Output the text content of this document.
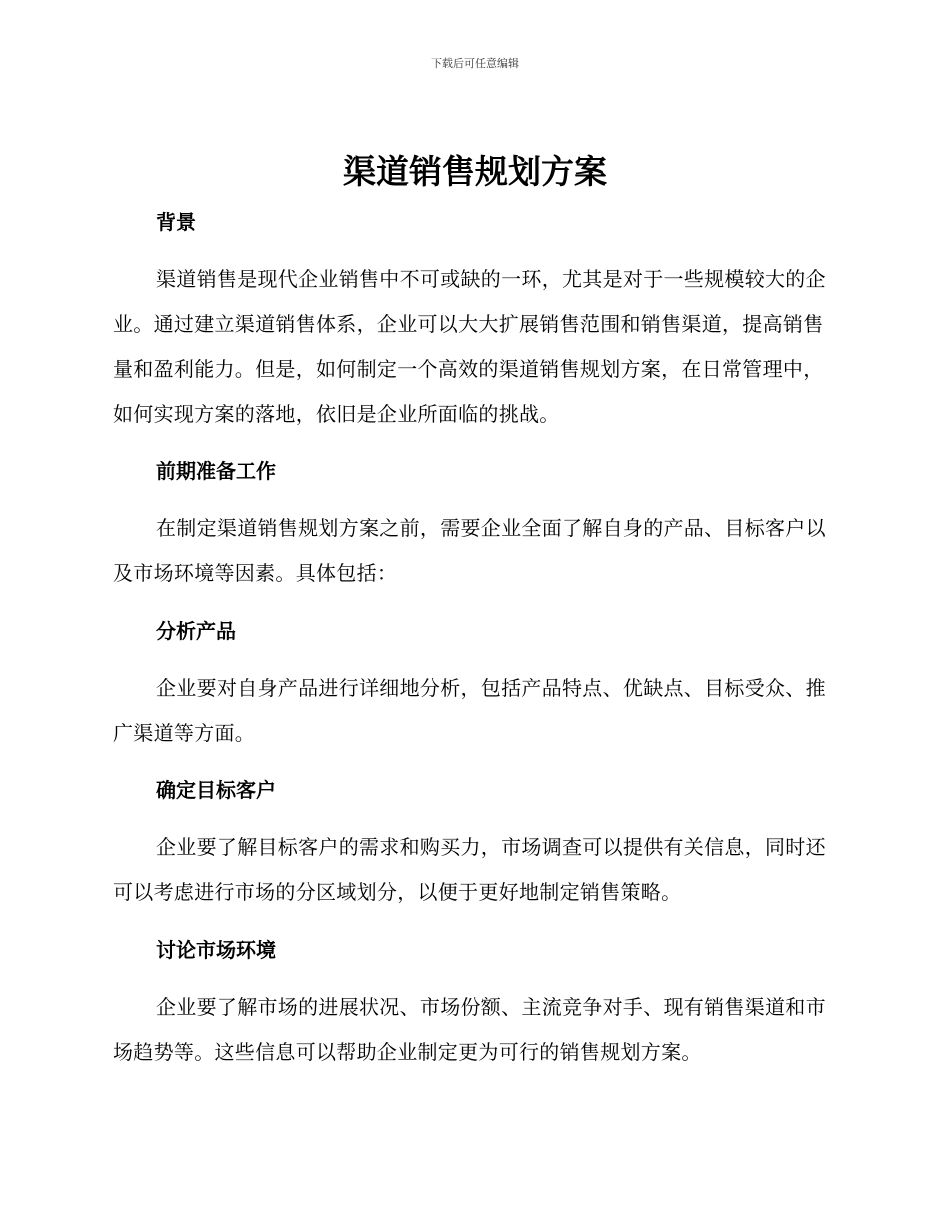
下载后可任意编辑
渠道销售规划方案
背景

渠道销售是现代企业销售中不可或缺的一环，尤其是对于一些规模较大的企业。通过建立渠道销售体系，企业可以大大扩展销售范围和销售渠道，提高销售量和盈利能力。但是，如何制定一个高效的渠道销售规划方案，在日常管理中，如何实现方案的落地，依旧是企业所面临的挑战。

前期准备工作

在制定渠道销售规划方案之前，需要企业全面了解自身的产品、目标客户以及市场环境等因素。具体包括：

分析产品

企业要对自身产品进行详细地分析，包括产品特点、优缺点、目标受众、推广渠道等方面。

确定目标客户

企业要了解目标客户的需求和购买力，市场调查可以提供有关信息，同时还可以考虑进行市场的分区域划分，以便于更好地制定销售策略。

讨论市场环境

企业要了解市场的进展状况、市场份额、主流竞争对手、现有销售渠道和市场趋势等。这些信息可以帮助企业制定更为可行的销售规划方案。
